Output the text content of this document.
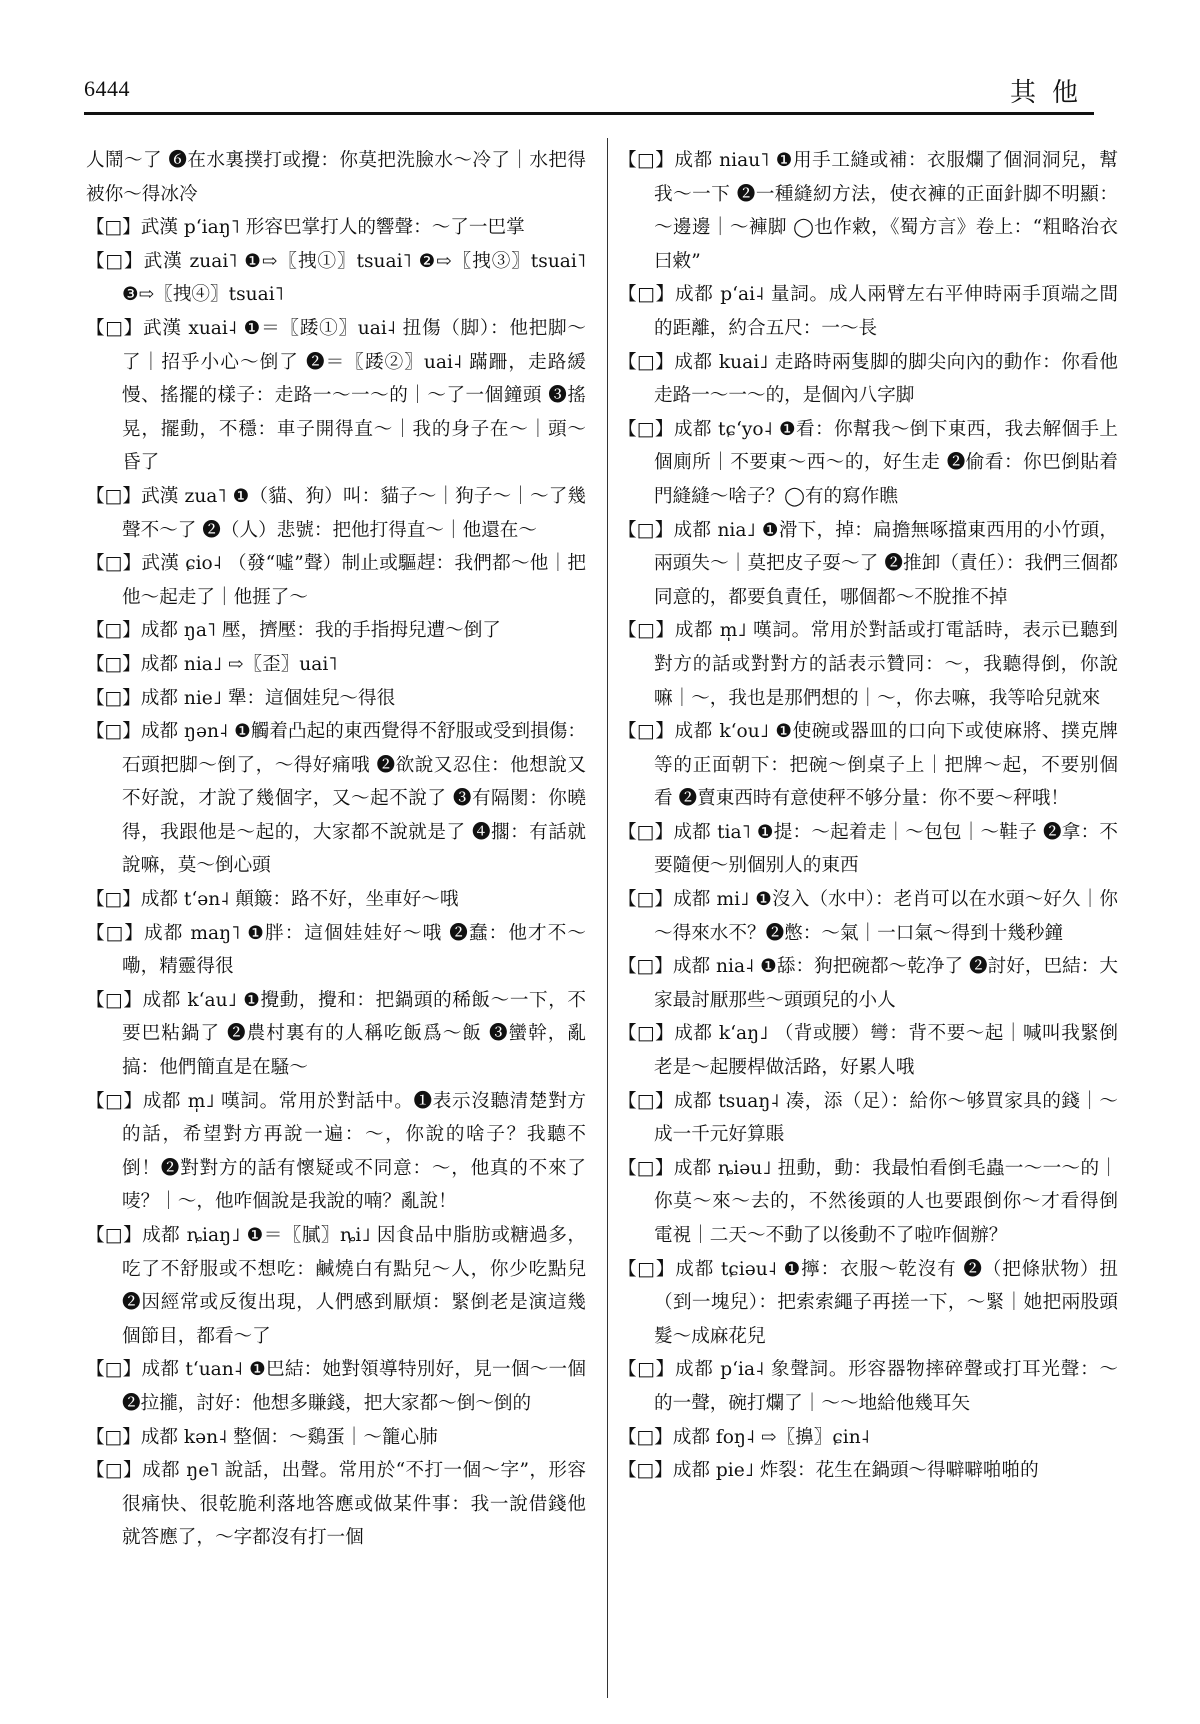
6444	其他

人鬧～了 ❻在水裏撲打或攪：你莫把洗臉水～冷了｜水把得被你～得冰冷

【□】武漢 pʻiaŋ˥ 形容巴掌打人的響聲：～了一巴掌

【□】武漢 zuai˥ ❶⇨〖拽①〗tsuai˥ ❷⇨〖拽③〗tsuai˥ ❸⇨〖拽④〗tsuai˥

【□】武漢 xuai˨ ❶＝〖踒①〗uai˨ 扭傷（脚）：他把脚～了｜招乎小心～倒了 ❷＝〖踒②〗uai˨ 蹣跚，走路緩慢、搖擺的樣子：走路一～一～的｜～了一個鐘頭 ❸搖晃，擺動，不穩：車子開得直～｜我的身子在～｜頭～昏了

【□】武漢 zua˥ ❶（貓、狗）叫：貓子～｜狗子～｜～了幾聲不～了 ❷（人）悲號：把他打得直～｜他還在～

【□】武漢 ɕio˨ （發“噓”聲）制止或驅趕：我們都～他｜把他～起走了｜他捱了～

【□】成都 ŋa˥ 壓，擠壓：我的手指拇兒遭～倒了

【□】成都 nia˩ ⇨〖歪〗uai˥

【□】成都 nie˩ 犟：這個娃兒～得很

【□】成都 ŋən˨ ❶觸着凸起的東西覺得不舒服或受到損傷：石頭把脚～倒了，～得好痛哦 ❷欲說又忍住：他想說又不好說，才說了幾個字，又～起不說了 ❸有隔閡：你曉得，我跟他是～起的，大家都不說就是了 ❹擱：有話就說嘛，莫～倒心頭

【□】成都 tʻən˨ 顛簸：路不好，坐車好～哦

【□】成都 maŋ˥ ❶胖：這個娃娃好～哦 ❷蠢：他才不～嘞，精靈得很

【□】成都 kʻau˩ ❶攪動，攪和：把鍋頭的稀飯～一下，不要巴粘鍋了 ❷農村裏有的人稱吃飯爲～飯 ❸蠻幹，亂搞：他們簡直是在騷～

【□】成都 m̩˩ 嘆詞。常用於對話中。❶表示沒聽清楚對方的話，希望對方再說一遍：～，你說的啥子？我聽不倒！❷對對方的話有懷疑或不同意：～，他真的不來了唛？｜～，他咋個說是我說的喃？亂說！

【□】成都 ȵiaŋ˩ ❶＝〖膩〗ȵi˩ 因食品中脂肪或糖過多，吃了不舒服或不想吃：鹹燒白有點兒～人，你少吃點兒 ❷因經常或反復出現，人們感到厭煩：緊倒老是演這幾個節目，都看～了

【□】成都 tʻuan˨ ❶巴結：她對領導特別好，見一個～一個 ❷拉攏，討好：他想多賺錢，把大家都～倒～倒的

【□】成都 kən˨ 整個：～鷄蛋｜～籠心肺

【□】成都 ŋe˥ 說話，出聲。常用於“不打一個～字”，形容很痛快、很乾脆利落地答應或做某件事：我一說借錢他就答應了，～字都沒有打一個

【□】成都 niau˥ ❶用手工縫或補：衣服爛了個洞洞兒，幫我～一下 ❷一種縫紉方法，使衣褲的正面針脚不明顯：～邊邊｜～褲脚 ◯也作敹，《蜀方言》卷上：“粗略治衣曰敹”

【□】成都 pʻai˨ 量詞。成人兩臂左右平伸時兩手頂端之間的距離，約合五尺：一～長

【□】成都 kuai˩ 走路時兩隻脚的脚尖向內的動作：你看他走路一～一～的，是個內八字脚

【□】成都 tɕʻyo˨ ❶看：你幫我～倒下東西，我去解個手上個廁所｜不要東～西～的，好生走 ❷偷看：你巴倒貼着門縫縫～啥子？◯有的寫作瞧

【□】成都 nia˩ ❶滑下，掉：扁擔無啄擋東西用的小竹頭，兩頭失～｜莫把皮子耍～了 ❷推卸（責任）：我們三個都同意的，都要負責任，哪個都～不脫推不掉

【□】成都 m̩˩ 嘆詞。常用於對話或打電話時，表示已聽到對方的話或對對方的話表示贊同：～，我聽得倒，你說嘛｜～，我也是那們想的｜～，你去嘛，我等哈兒就來

【□】成都 kʻou˩ ❶使碗或器皿的口向下或使麻將、撲克牌等的正面朝下：把碗～倒桌子上｜把牌～起，不要别個看 ❷賣東西時有意使秤不够分量：你不要～秤哦！

【□】成都 tia˥ ❶提：～起着走｜～包包｜～鞋子 ❷拿：不要隨便～别個别人的東西

【□】成都 mi˩ ❶沒入（水中）：老肖可以在水頭～好久｜你～得來水不？❷憋：～氣｜一口氣～得到十幾秒鐘

【□】成都 nia˨ ❶舔：狗把碗都～乾净了 ❷討好，巴結：大家最討厭那些～頭頭兒的小人

【□】成都 kʻaŋ˩ （背或腰）彎：背不要～起｜喊叫我緊倒老是～起腰桿做活路，好累人哦

【□】成都 tsuaŋ˨ 凑，添（足）：給你～够買家具的錢｜～成一千元好算賬

【□】成都 ȵiəu˩ 扭動，動：我最怕看倒毛蟲一～一～的｜你莫～來～去的，不然後頭的人也要跟倒你～才看得倒電視｜二天～不動了以後動不了啦咋個辦？

【□】成都 tɕiəu˨ ❶擰：衣服～乾沒有 ❷（把條狀物）扭（到一塊兒）：把索索繩子再搓一下，～緊｜她把兩股頭髮～成麻花兒

【□】成都 pʻia˨ 象聲詞。形容器物摔碎聲或打耳光聲：～的一聲，碗打爛了｜～～地給他幾耳矢

【□】成都 foŋ˨ ⇨〖擤〗ɕin˨

【□】成都 pie˩ 炸裂：花生在鍋頭～得噼噼啪啪的
